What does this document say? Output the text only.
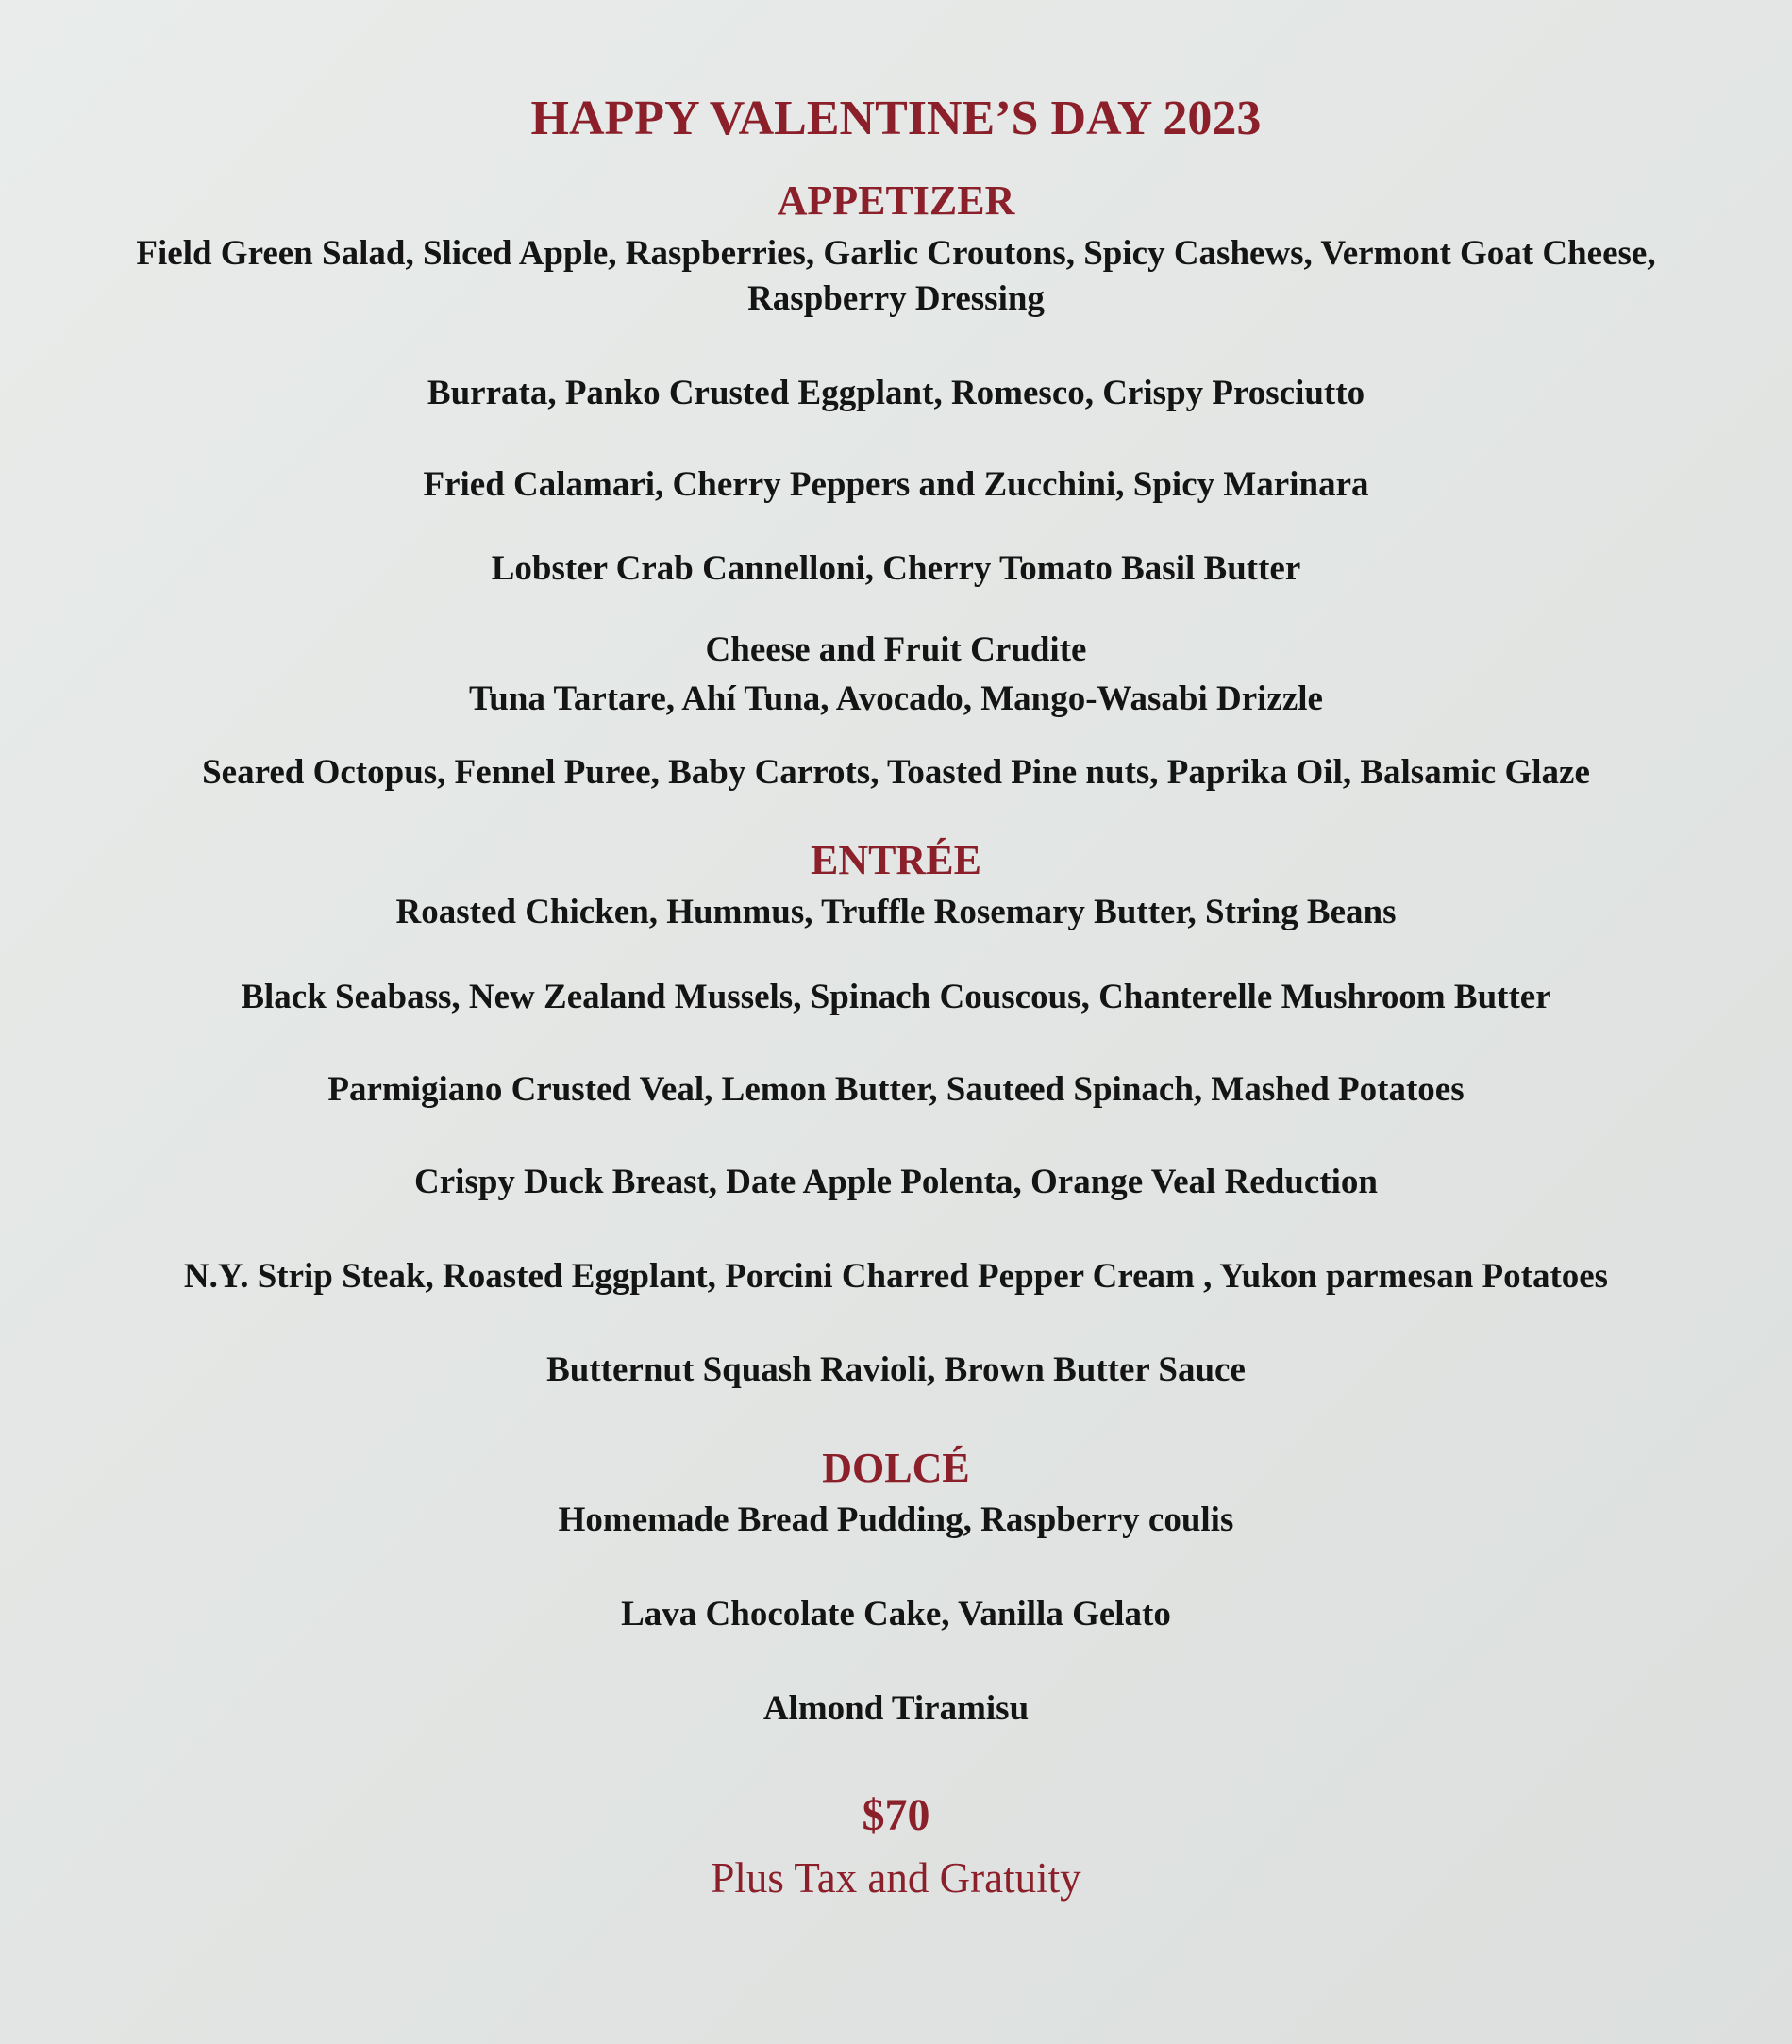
HAPPY VALENTINE’S DAY 2023
APPETIZER
Field Green Salad, Sliced Apple, Raspberries, Garlic Croutons, Spicy Cashews, Vermont Goat Cheese,
Raspberry Dressing
Burrata, Panko Crusted Eggplant, Romesco, Crispy Prosciutto
Fried Calamari, Cherry Peppers and Zucchini, Spicy Marinara
Lobster Crab Cannelloni, Cherry Tomato Basil Butter
Cheese and Fruit Crudite
Tuna Tartare, Ahí Tuna, Avocado, Mango-Wasabi Drizzle
Seared Octopus, Fennel Puree, Baby Carrots, Toasted Pine nuts, Paprika Oil, Balsamic Glaze
ENTRÉE
Roasted Chicken, Hummus, Truffle Rosemary Butter, String Beans
Black Seabass, New Zealand Mussels, Spinach Couscous, Chanterelle Mushroom Butter
Parmigiano Crusted Veal, Lemon Butter, Sauteed Spinach, Mashed Potatoes
Crispy Duck Breast, Date Apple Polenta, Orange Veal Reduction
N.Y. Strip Steak, Roasted Eggplant, Porcini Charred Pepper Cream , Yukon parmesan Potatoes
Butternut Squash Ravioli, Brown Butter Sauce
DOLCÉ
Homemade Bread Pudding, Raspberry coulis
Lava Chocolate Cake, Vanilla Gelato
Almond Tiramisu
$70
Plus Tax and Gratuity
